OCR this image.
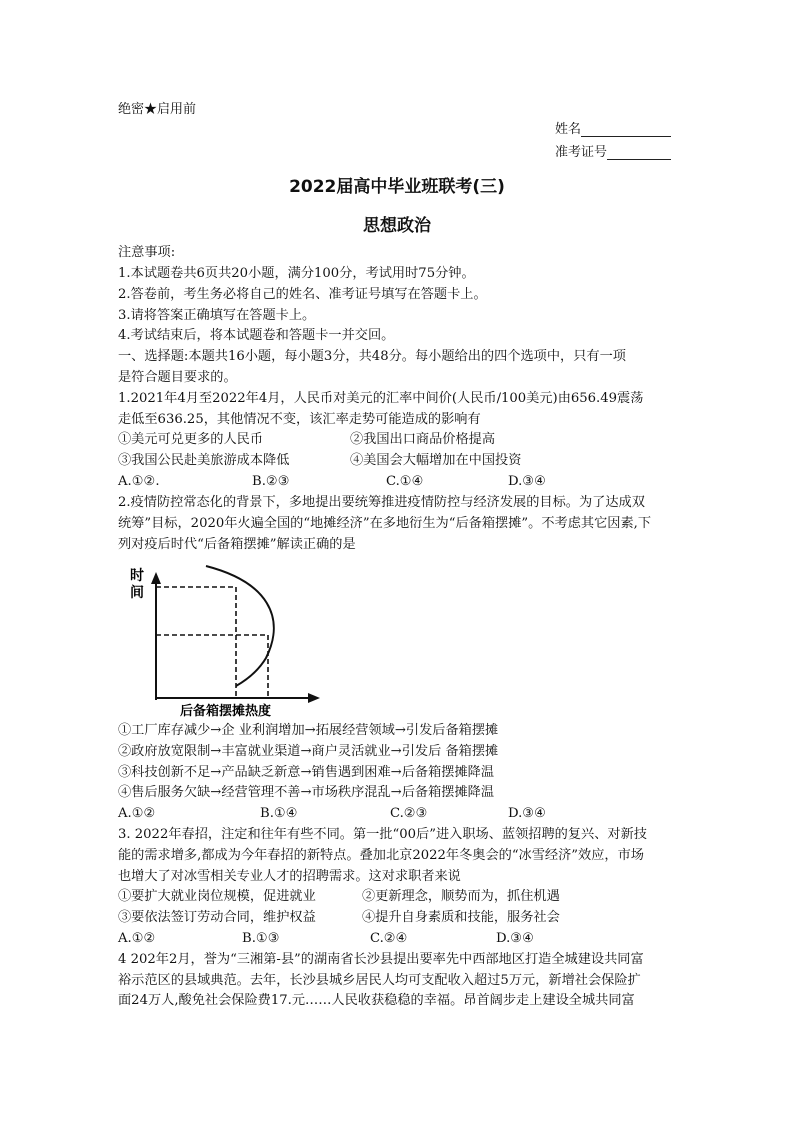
绝密★启用前
姓名
准考证号
2022届高中毕业班联考(三)
思想政治
注意事项:
1.本试题卷共6页共20小题，满分100分，考试用时75分钟。
2.答卷前，考生务必将自己的姓名、准考证号填写在答题卡上。
3.请将答案正确填写在答题卡上。
4.考试结束后，将本试题卷和答题卡一并交回。
一、选择题:本题共16小题，每小题3分，共48分。每小题给出的四个选项中，只有一项
是符合题目要求的。
1.2021年4月至2022年4月，人民币对美元的汇率中间价(人民币/100美元)由656.49震荡
走低至636.25，其他情况不变，该汇率走势可能造成的影响有
①美元可兑更多的人民币	②我国出口商品价格提高
③我国公民赴美旅游成本降低	④美国会大幅增加在中国投资
A.①②.	B.②③	C.①④	D.③④
2.疫情防控常态化的背景下，多地提出要统筹推进疫情防控与经济发展的目标。为了达成双
统筹”目标，2020年火遍全国的“地摊经济”在多地衍生为“后备箱摆摊”。不考虑其它因素,下
列对疫后时代“后备箱摆摊”解读正确的是
时
间
后备箱摆摊热度
①工厂库存减少→企 业利润增加→拓展经营领域→引发后备箱摆摊
②政府放宽限制→丰富就业渠道→商户灵活就业→引发后 备箱摆摊
③科技创新不足→产品缺乏新意→销售遇到困难→后备箱摆摊降温
④售后服务欠缺→经营管理不善→市场秩序混乱→后备箱摆摊降温
A.①②	B.①④	C.②③	D.③④
3. 2022年春招，注定和往年有些不同。第一批“00后”进入职场、蓝领招聘的复兴、对新技
能的需求增多,都成为今年春招的新特点。叠加北京2022年冬奥会的“冰雪经济”效应，市场
也增大了对冰雪相关专业人才的招聘需求。这对求职者来说
①要扩大就业岗位规模，促进就业	②更新理念，顺势而为，抓住机遇
③要依法签订劳动合同，维护权益	④提升自身素质和技能，服务社会
A.①②	B.①③	C.②④	D.③④
4 202年2月，誉为“三湘第-县”的湖南省长沙县提出要率先中西部地区打造全城建设共同富
裕示范区的县域典范。去年，长沙县城乡居民人均可支配收入超过5万元，新增社会保险扩
面24万人,酸免社会保险费17.元……人民收获稳稳的幸福。昂首阔步走上建设全城共同富
